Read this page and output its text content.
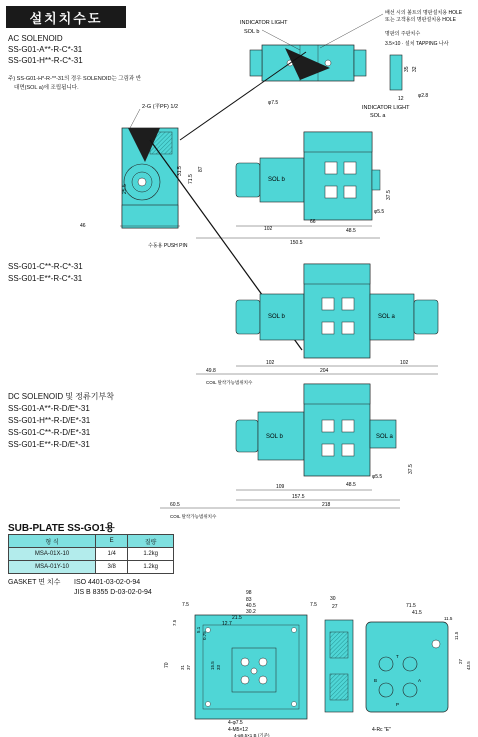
설치치수도
AC SOLENOID
SS-G01-A**-R-C*-31
SS-G01-H**-R-C*-31
주) SS-G01-H*-R-**-31의 경우 SOLENOID는 그림과 반
대면(SOL a)에 조립됩니다.
SS-G01-C**-R-C*-31
SS-G01-E**-R-C*-31
DC SOLENOID 및 정류기부착
SS-G01-A**-R-D/E*-31
SS-G01-H**-R-D/E*-31
SS-G01-C**-R-D/E*-31
SS-G01-E**-R-D/E*-31
SUB-PLATE SS-GO1용
형 식	E	질량
MSA-01X-10	1/4	1.2kg
MSA-01Y-10	3/8	1.2kg
GASKET 면 치수 ISO 4401-03-02-0-94
JIS B 8355 D-03-02-0-94
INDICATOR LIGHT
SOL b
배선 시의 볼트의 명판설치용 HOLE
또는 고객용의 명판설치용 HOLE
명판의 주판치수
3.5×10 · 설치 TAPPING 나사
INDICATOR LIGHT
SOL a
35 32
12	φ2.8
φ7.5
2-G (平PF) 1/2
46
25.5
71.5
87
31.5
수동용 PUSH PIN
SOL b
102
66
48.5
150.5
37.5
φ5.5
SOL b	SOL a
102	102
204
49.8
COIL 탈착가능범위치수
SOL b	SOL a
109	48.5
157.5
60.5	218
37.5
φ5.5
COIL 탈착가능범위치수
98
83
7.5	7.5
40.5
30.2
21.5
12.7
70
5.1
0.75
7.5
31 37	15.5 33
4-φ7.5
4-M5×12
4-φ9.5×1 B (기준)
30
27
T
B	A
P
71.5
41.5
11.5
11.5
27 43.5
4-Rc "E"
